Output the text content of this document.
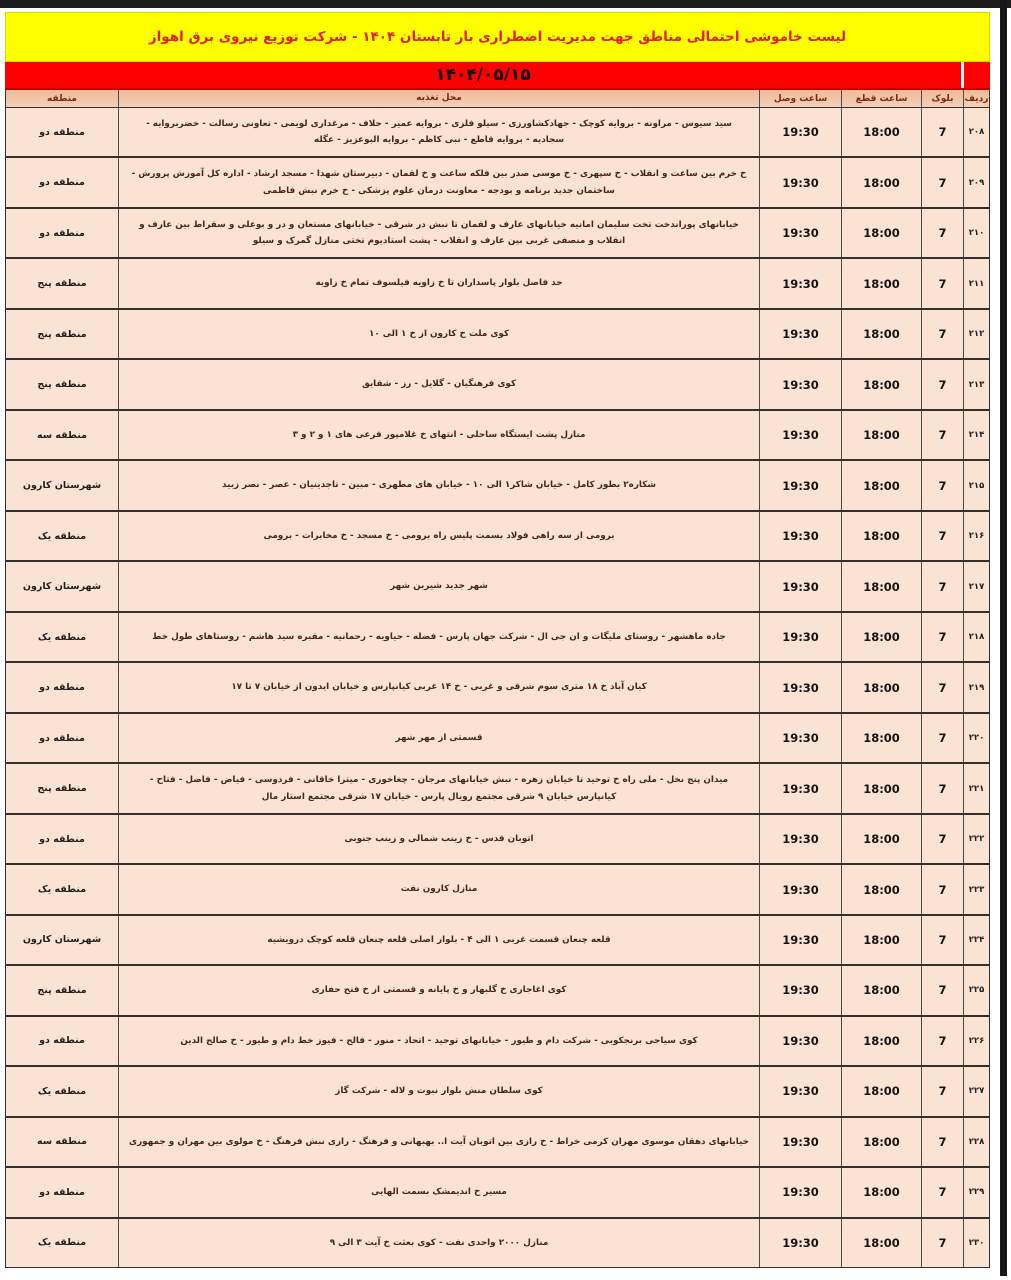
لیست خاموشی احتمالی مناطق جهت مدیریت اضطراری بار تابستان ۱۴۰۴ - شرکت توزیع نیروی برق اهواز
۱۴۰۴/۰۵/۱۵
ردیف
بلوک
ساعت قطع
ساعت وصل
محل تغذیه
منطقه
۲۰۸
7
18:00
19:30
سید سیوس - مراونه - بروایه کوچک - جهادکشاورزی - سیلو فلزی - بروایه عمیر - حلاف - مرغداری لویمی - تعاونی رسالت - خضربروایه - سجادیه - بروایه قاطع - نبی کاظم - بروایه البوعزیز - عگله
منطقه دو
۲۰۹
7
18:00
19:30
خ خرم بین ساعت و انقلاب - خ سپهری - خ موسی صدر بین فلکه ساعت و خ لقمان - دبیرستان شهدا - مسجد ارشاد - اداره کل آموزش پرورش - ساختمان جدید برنامه و بودجه - معاونت درمان علوم پزشکی - خ خرم نبش فاطمی
منطقه دو
۲۱۰
7
18:00
19:30
خیابانهای پوراندخت تخت سلیمان امانیه خیابانهای عارف و لقمان تا نبش در شرقی - خیابانهای مستعان و در و بوعلی و سقراط بین عارف و انقلاب و منصفی غربی بین عارف و انقلاب - پشت استادیوم تختی منازل گمرک و سیلو
منطقه دو
۲۱۱
7
18:00
19:30
حد فاصل بلوار پاسداران تا خ زاویه فیلسوف تمام خ زاویه
منطقه پنج
۲۱۲
7
18:00
19:30
کوی ملت خ کارون از خ ۱ الی ۱۰
منطقه پنج
۲۱۳
7
18:00
19:30
کوی فرهنگیان - گلایل - رز - شقایق
منطقه پنج
۲۱۴
7
18:00
19:30
منازل پشت ایستگاه ساحلی - انتهای خ غلامپور فرعی های ۱ و ۲ و ۳
منطقه سه
۲۱۵
7
18:00
19:30
شکاره۲ بطور کامل - خیابان شاکر۱ الی ۱۰ - خیابان های مطهری - مبین - تاجدینیان - عصر - نصر زبید
شهرستان کارون
۲۱۶
7
18:00
19:30
برومی از سه راهی فولاد بسمت پلیس راه برومی - خ مسجد - خ مخابرات - برومی
منطقه یک
۲۱۷
7
18:00
19:30
شهر جدید شیرین شهر
شهرستان کارون
۲۱۸
7
18:00
19:30
جاده ماهشهر - روستای ملیگات و ان جی ال - شرکت جهان پارس - فضله - حیاویه - رحمانیه - مقبره سید هاشم - روستاهای طول خط
منطقه یک
۲۱۹
7
18:00
19:30
کیان آباد خ ۱۸ متری سوم شرقی و غربی - خ ۱۴ غربی کیانپارس و خیابان ایدون از خیابان ۷ تا ۱۷
منطقه دو
۲۲۰
7
18:00
19:30
قسمتی از مهر شهر
منطقه دو
۲۲۱
7
18:00
19:30
میدان پنج نخل - ملی راه خ توحید تا خیابان زهره - نبش خیابانهای مرجان - چغاخوری - میترا خاقانی - فردوسی - فیاض - فاضل - فتاح - کیانپارس خیابان ۹ شرقی مجتمع رویال پارس - خیابان ۱۷ شرقی مجتمع استار مال
منطقه پنج
۲۲۲
7
18:00
19:30
اتوبان قدس - خ زینب شمالی و زینب جنوبی
منطقه دو
۲۲۳
7
18:00
19:30
منازل کارون نفت
منطقه یک
۲۲۴
7
18:00
19:30
قلعه چنعان قسمت غربی ۱ الی ۴ - بلوار اصلی قلعه چنعان قلعه کوچک درویشیه
شهرستان کارون
۲۲۵
7
18:00
19:30
کوی اغاجاری خ گلبهار و خ پایانه و قسمتی از خ فتح حفاری
منطقه پنج
۲۲۶
7
18:00
19:30
کوی سیاحی برنجکوبی - شرکت دام و طیور - خیابانهای توحید - اتحاد - منور - فالح - فیوز خط دام و طیور - خ صالح الدین
منطقه دو
۲۲۷
7
18:00
19:30
کوی سلطان منش بلوار نبوت و لاله - شرکت گاز
منطقه یک
۲۲۸
7
18:00
19:30
خیابانهای دهقان موسوی مهران کرمی خراط - خ رازی بین اتوبان آیت ا.. بهبهانی و فرهنگ - رازی نبش فرهنگ - خ مولوی بین مهران و جمهوری
منطقه سه
۲۲۹
7
18:00
19:30
مسیر خ اندیمشک بسمت الهایی
منطقه دو
۲۳۰
7
18:00
19:30
منازل ۲۰۰۰ واحدی نفت - کوی بعثت خ آیت ۳ الی ۹
منطقه یک
